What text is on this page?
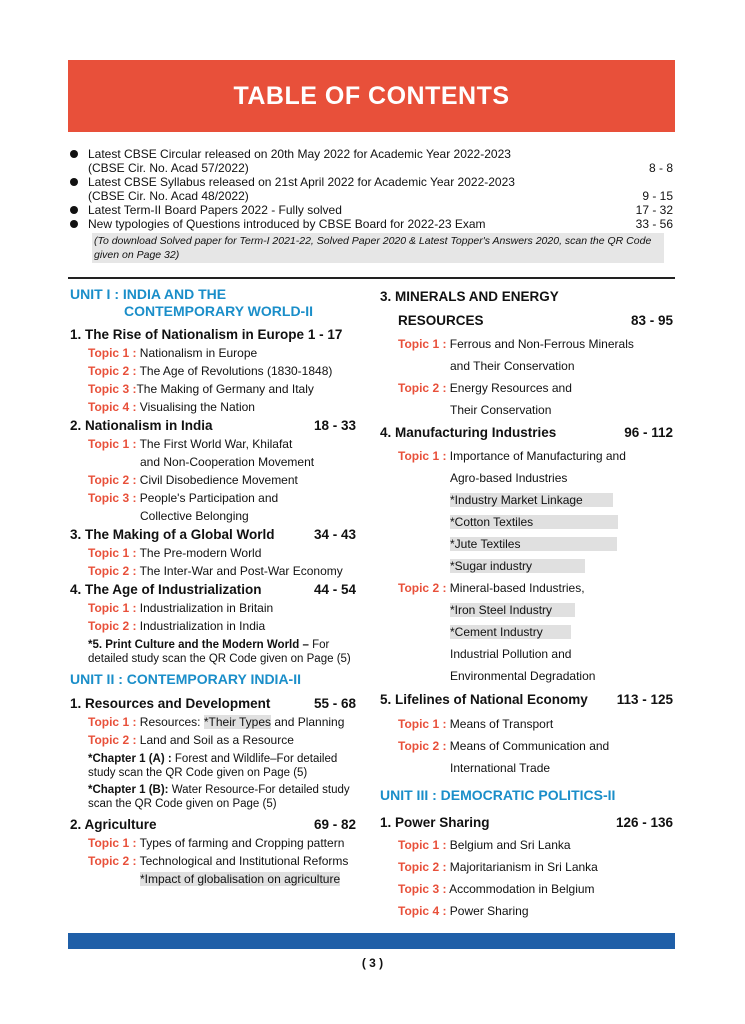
TABLE OF CONTENTS
Latest CBSE Circular released on 20th May 2022 for Academic Year 2022-2023
(CBSE Cir. No. Acad 57/2022)	8 - 8
Latest CBSE Syllabus released on 21st April 2022 for Academic Year 2022-2023
(CBSE Cir. No. Acad 48/2022)	9 - 15
Latest Term-II Board Papers 2022 - Fully solved	17 - 32
New typologies of Questions introduced by CBSE Board for 2022-23 Exam	33 - 56
(To download Solved paper for Term-I 2021-22, Solved Paper 2020 & Latest Topper's Answers 2020, scan the QR Code given on Page 32)
UNIT I : INDIA AND THE
CONTEMPORARY WORLD-II
1. The Rise of Nationalism in Europe 1 - 17
Topic 1 : Nationalism in Europe
Topic 2 : The Age of Revolutions (1830-1848)
Topic 3 :The Making of Germany and Italy
Topic 4 : Visualising the Nation
2. Nationalism in India	18 - 33
Topic 1 : The First World War, Khilafat
and Non-Cooperation Movement
Topic 2 : Civil Disobedience Movement
Topic 3 : People's Participation and
Collective Belonging
3. The Making of a Global World	34 - 43
Topic 1 : The Pre-modern World
Topic 2 : The Inter-War and Post-War Economy
4. The Age of Industrialization	44 - 54
Topic 1 : Industrialization in Britain
Topic 2 : Industrialization in India
*5. Print Culture and the Modern World – For detailed study scan the QR Code given on Page (5)
UNIT II : CONTEMPORARY INDIA-II
1. Resources and Development	55 - 68
Topic 1 : Resources: *Their Types and Planning
Topic 2 : Land and Soil as a Resource
*Chapter 1 (A) : Forest and Wildlife–For detailed study scan the QR Code given on Page (5)
*Chapter 1 (B): Water Resource-For detailed study scan the QR Code given on Page (5)
2. Agriculture	69 - 82
Topic 1 : Types of farming and Cropping pattern
Topic 2 : Technological and Institutional Reforms
*Impact of globalisation on agriculture
3. MINERALS AND ENERGY
RESOURCES	83 - 95
Topic 1 : Ferrous and Non-Ferrous Minerals
and Their Conservation
Topic 2 : Energy Resources and
Their Conservation
4. Manufacturing Industries	96 - 112
Topic 1 : Importance of Manufacturing and
Agro-based Industries
*Industry Market Linkage
*Cotton Textiles
*Jute Textiles
*Sugar industry
Topic 2 : Mineral-based Industries,
*Iron Steel Industry
*Cement Industry
Industrial Pollution and
Environmental Degradation
5. Lifelines of National Economy 113 - 125
Topic 1 : Means of Transport
Topic 2 : Means of Communication and
International Trade
UNIT III : DEMOCRATIC POLITICS-II
1. Power Sharing	126 - 136
Topic 1 : Belgium and Sri Lanka
Topic 2 : Majoritarianism in Sri Lanka
Topic 3 : Accommodation in Belgium
Topic 4 : Power Sharing
( 3 )
